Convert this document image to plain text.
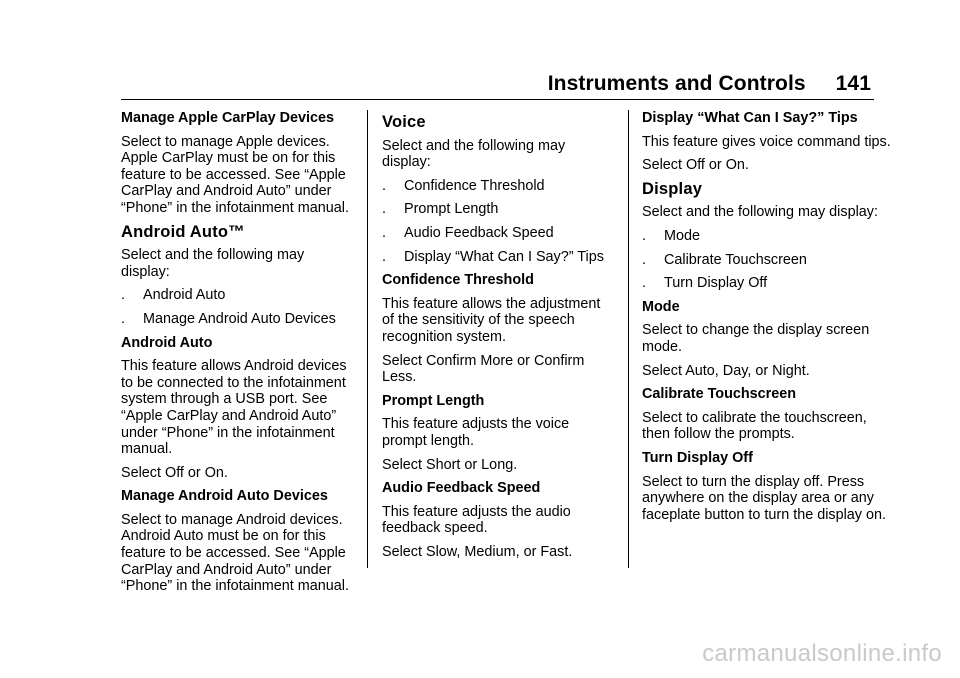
Instruments and Controls 141

Manage Apple CarPlay Devices

Select to manage Apple devices. Apple CarPlay must be on for this feature to be accessed. See “Apple CarPlay and Android Auto” under “Phone” in the infotainment manual.

Android Auto™

Select and the following may display:

. Android Auto
. Manage Android Auto Devices

Android Auto

This feature allows Android devices to be connected to the infotainment system through a USB port. See “Apple CarPlay and Android Auto” under “Phone” in the infotainment manual.

Select Off or On.

Manage Android Auto Devices

Select to manage Android devices. Android Auto must be on for this feature to be accessed. See “Apple CarPlay and Android Auto” under “Phone” in the infotainment manual.

Voice

Select and the following may display:

. Confidence Threshold
. Prompt Length
. Audio Feedback Speed
. Display “What Can I Say?” Tips

Confidence Threshold

This feature allows the adjustment of the sensitivity of the speech recognition system.

Select Confirm More or Confirm Less.

Prompt Length

This feature adjusts the voice prompt length.

Select Short or Long.

Audio Feedback Speed

This feature adjusts the audio feedback speed.

Select Slow, Medium, or Fast.

Display “What Can I Say?” Tips

This feature gives voice command tips.

Select Off or On.

Display

Select and the following may display:

. Mode
. Calibrate Touchscreen
. Turn Display Off

Mode

Select to change the display screen mode.

Select Auto, Day, or Night.

Calibrate Touchscreen

Select to calibrate the touchscreen, then follow the prompts.

Turn Display Off

Select to turn the display off. Press anywhere on the display area or any faceplate button to turn the display on.

carmanualsonline.info
